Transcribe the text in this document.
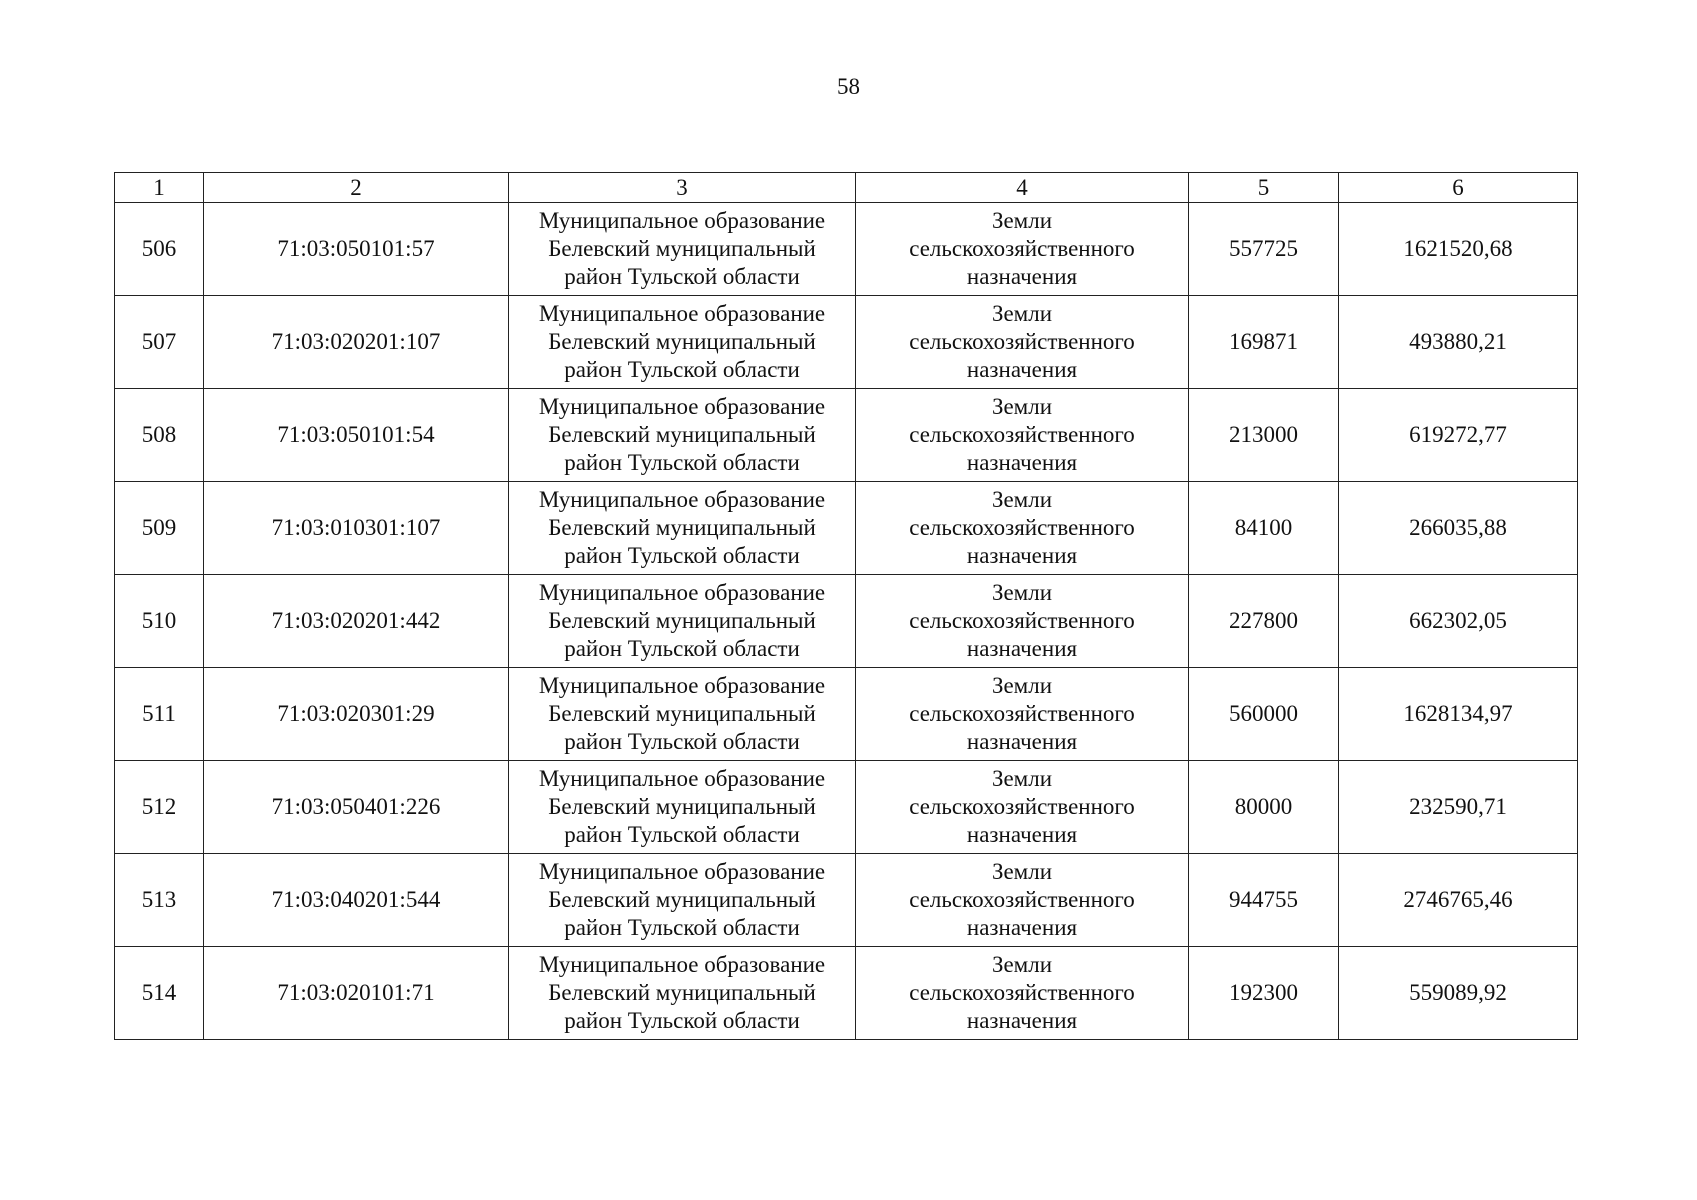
58
1	2	3	4	5	6
506	71:03:050101:57	Муниципальное образование
Белевский муниципальный
район Тульской области	Земли
сельскохозяйственного
назначения	557725	1621520,68
507	71:03:020201:107	Муниципальное образование
Белевский муниципальный
район Тульской области	Земли
сельскохозяйственного
назначения	169871	493880,21
508	71:03:050101:54	Муниципальное образование
Белевский муниципальный
район Тульской области	Земли
сельскохозяйственного
назначения	213000	619272,77
509	71:03:010301:107	Муниципальное образование
Белевский муниципальный
район Тульской области	Земли
сельскохозяйственного
назначения	84100	266035,88
510	71:03:020201:442	Муниципальное образование
Белевский муниципальный
район Тульской области	Земли
сельскохозяйственного
назначения	227800	662302,05
511	71:03:020301:29	Муниципальное образование
Белевский муниципальный
район Тульской области	Земли
сельскохозяйственного
назначения	560000	1628134,97
512	71:03:050401:226	Муниципальное образование
Белевский муниципальный
район Тульской области	Земли
сельскохозяйственного
назначения	80000	232590,71
513	71:03:040201:544	Муниципальное образование
Белевский муниципальный
район Тульской области	Земли
сельскохозяйственного
назначения	944755	2746765,46
514	71:03:020101:71	Муниципальное образование
Белевский муниципальный
район Тульской области	Земли
сельскохозяйственного
назначения	192300	559089,92
